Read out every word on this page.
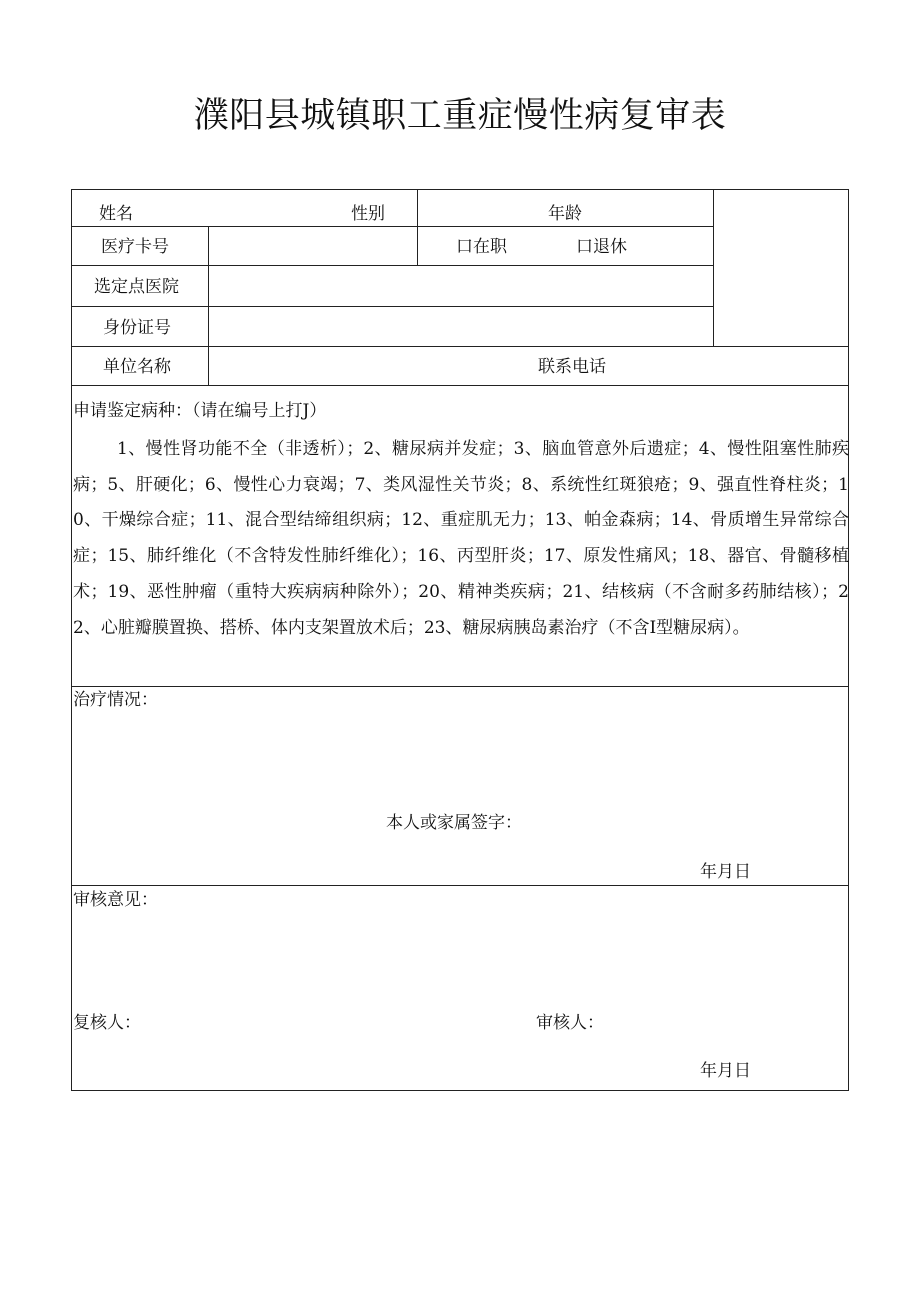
濮阳县城镇职工重症慢性病复审表
姓名	性别	年龄
医疗卡号	口在职	口退休
选定点医院
身份证号
单位名称	联系电话
申请鉴定病种：（请在编号上打J）
1、慢性肾功能不全（非透析）；2、糖尿病并发症；3、脑血管意外后遗症；4、慢性阻塞性肺疾病；5、肝硬化；6、慢性心力衰竭；7、类风湿性关节炎；8、系统性红斑狼疮；9、强直性脊柱炎；10、干燥综合症；11、混合型结缔组织病；12、重症肌无力；13、帕金森病；14、骨质增生异常综合症；15、肺纤维化（不含特发性肺纤维化）；16、丙型肝炎；17、原发性痛风；18、器官、骨髓移植术；19、恶性肿瘤（重特大疾病病种除外）；20、精神类疾病；21、结核病（不含耐多药肺结核）；22、心脏瓣膜置换、搭桥、体内支架置放术后；23、糖尿病胰岛素治疗（不含I型糖尿病）。
治疗情况：
本人或家属签字：
年月日
审核意见：
复核人：	审核人：
年月日
